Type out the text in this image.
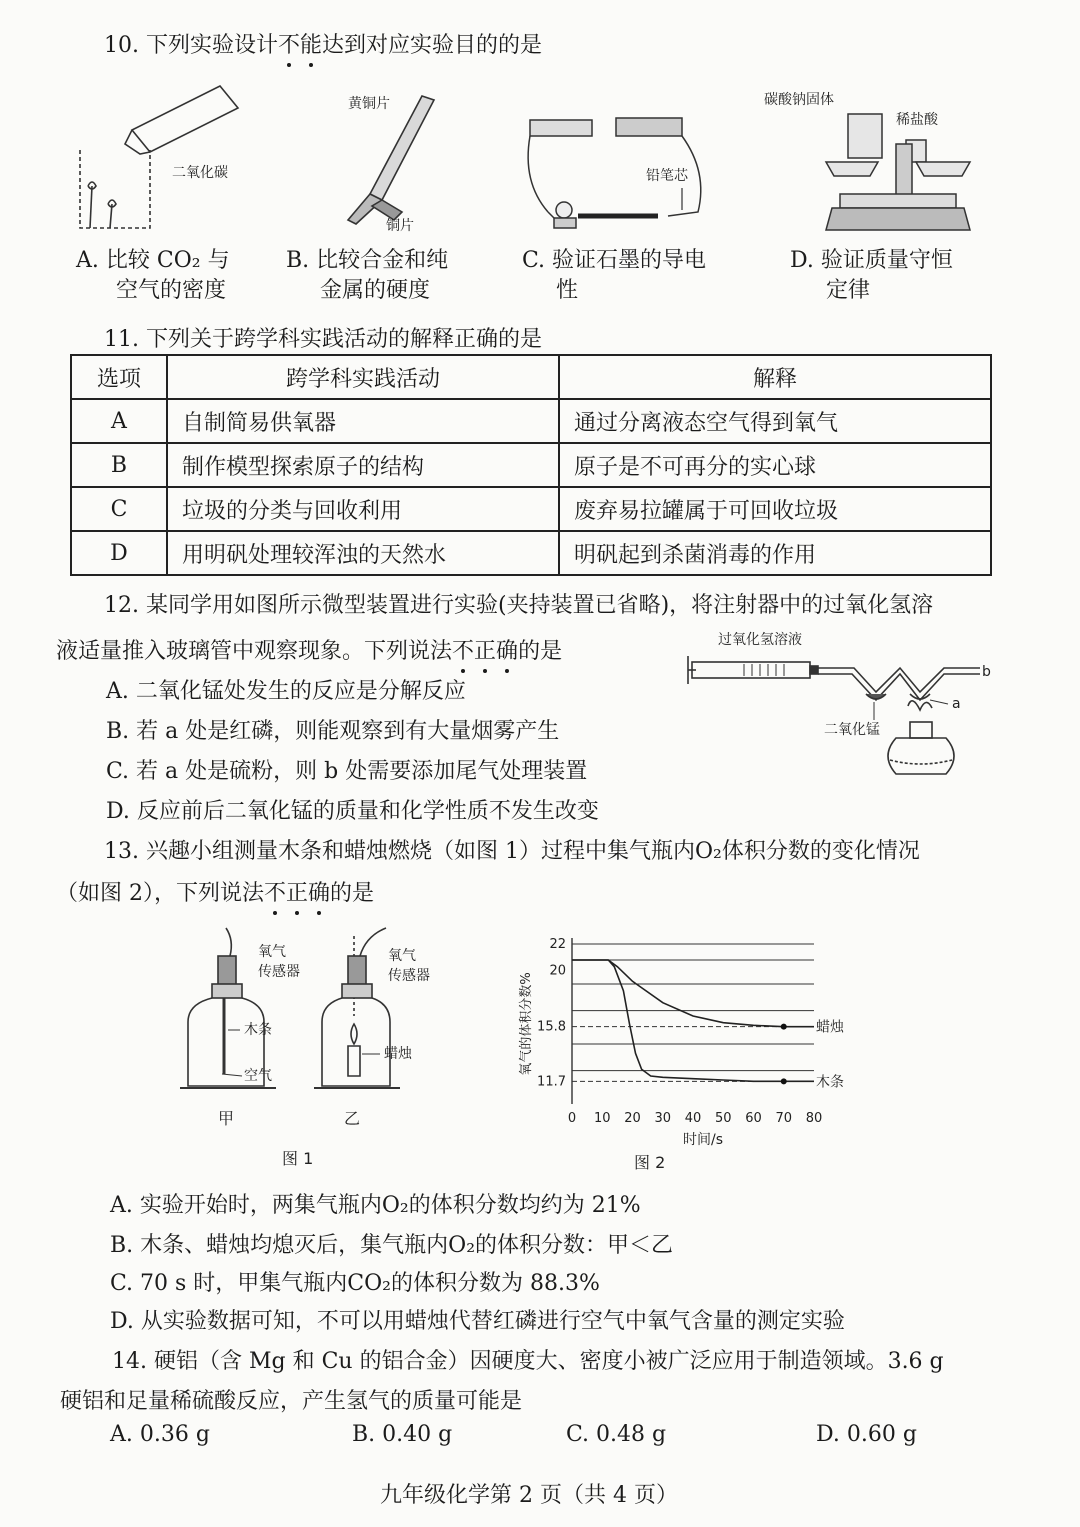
10. 下列实验设计不能达到对应实验目的的是
二氧化碳
黄铜片
铜片
铅笔芯
碳酸钠固体
稀盐酸
A. 比较 CO₂ 与
空气的密度
B. 比较合金和纯
金属的硬度
C. 验证石墨的导电
性
D. 验证质量守恒
定律
11. 下列关于跨学科实践活动的解释正确的是
选项	跨学科实践活动	解释
A	自制简易供氧器	通过分离液态空气得到氧气
B	制作模型探索原子的结构	原子是不可再分的实心球
C	垃圾的分类与回收利用	废弃易拉罐属于可回收垃圾
D	用明矾处理较浑浊的天然水	明矾起到杀菌消毒的作用
12. 某同学用如图所示微型装置进行实验(夹持装置已省略)，将注射器中的过氧化氢溶
液适量推入玻璃管中观察现象。下列说法不正确的是
A. 二氧化锰处发生的反应是分解反应
B. 若 a 处是红磷，则能观察到有大量烟雾产生
C. 若 a 处是硫粉，则 b 处需要添加尾气处理装置
D. 反应前后二氧化锰的质量和化学性质不发生改变
过氧化氢溶液
b
a
二氧化锰
13. 兴趣小组测量木条和蜡烛燃烧（如图 1）过程中集气瓶内O₂体积分数的变化情况
（如图 2），下列说法不正确的是
氧气
传感器
氧气
传感器
木条
空气
蜡烛
甲	乙
图 1
氧气的体积分数%
时间/s
图 2
11.7
15.8
20
22
0 10 20 30 40 50 60 70 80
蜡烛
木条
A. 实验开始时，两集气瓶内O₂的体积分数均约为 21%
B. 木条、蜡烛均熄灭后，集气瓶内O₂的体积分数：甲＜乙
C. 70 s 时，甲集气瓶内CO₂的体积分数为 88.3%
D. 从实验数据可知，不可以用蜡烛代替红磷进行空气中氧气含量的测定实验
14. 硬铝（含 Mg 和 Cu 的铝合金）因硬度大、密度小被广泛应用于制造领域。3.6 g
硬铝和足量稀硫酸反应，产生氢气的质量可能是
A. 0.36 g	B. 0.40 g	C. 0.48 g	D. 0.60 g
九年级化学第 2 页（共 4 页）
